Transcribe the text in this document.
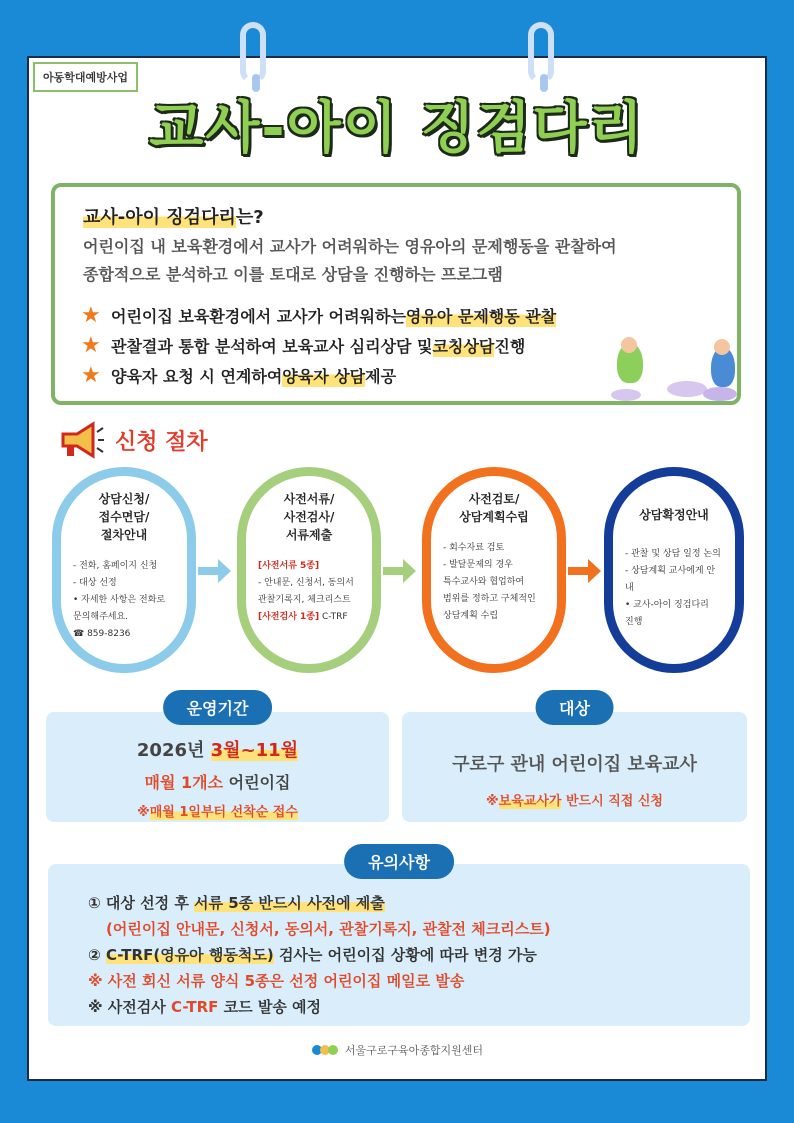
아동학대예방사업
교사-아이 징검다리
교사-아이 징검다리는?
어린이집 내 보육환경에서 교사가 어려워하는 영유아의 문제행동을 관찰하여
종합적으로 분석하고 이를 토대로 상담을 진행하는 프로그램
★ 어린이집 보육환경에서 교사가 어려워하는 영유아 문제행동 관찰
★ 관찰결과 통합 분석하여 보육교사 심리상담 및 코칭상담 진행
★ 양육자 요청 시 연계하여 양육자 상담 제공
신청 절차
상담신청/
접수면담/
절차안내

- 전화, 홈페이지 신청

- 대상 선정

• 자세한 사항은 전화로

문의해주세요.

☎ 859-8236

사전서류/
사전검사/
서류제출

[사전서류 5종]

- 안내문, 신청서, 동의서

관찰기록지, 체크리스트

[사전검사 1종] C-TRF

사전검토/
상담계획수립

- 회수자료 검토

- 발달문제의 경우

특수교사와 협업하여

범위를 정하고 구체적인

상담계획 수립

상담확정안내

- 관찰 및 상담 일정 논의

- 상담계획 교사에게 안내

• 교사-아이 징검다리

진행

운영기간
2026년 3월~11월
매월 1개소 어린이집
※매월 1일부터 선착순 접수
대상
구로구 관내 어린이집 보육교사
※보육교사가 반드시 직접 신청
유의사항
① 대상 선정 후 서류 5종 반드시 사전에 제출
(어린이집 안내문, 신청서, 동의서, 관찰기록지, 관찰전 체크리스트)
② C-TRF(영유아 행동척도) 검사는 어린이집 상황에 따라 변경 가능
※ 사전 회신 서류 양식 5종은 선정 어린이집 메일로 발송
※ 사전검사 C-TRF 코드 발송 예정
서울구로구육아종합지원센터
